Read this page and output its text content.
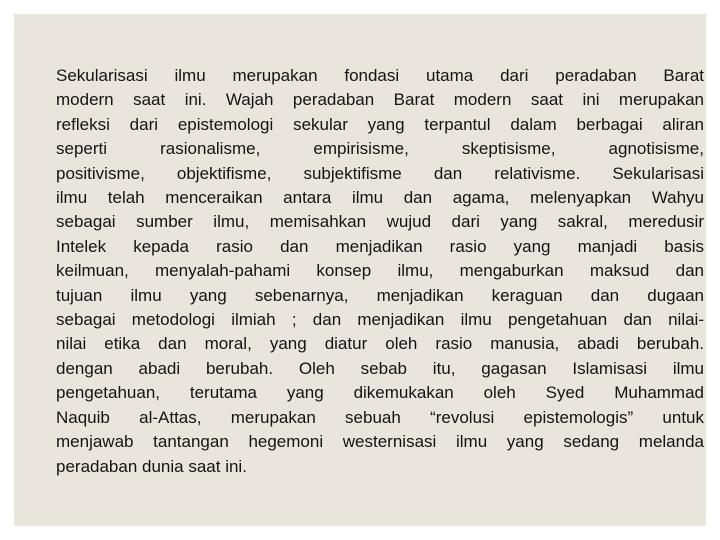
Sekularisasi ilmu merupakan fondasi utama dari peradaban Barat
modern saat ini. Wajah peradaban Barat modern saat ini merupakan
refleksi dari epistemologi sekular yang terpantul dalam berbagai aliran
seperti rasionalisme, empirisisme, skeptisisme, agnotisisme,
positivisme, objektifisme, subjektifisme dan relativisme. Sekularisasi
ilmu telah menceraikan antara ilmu dan agama, melenyapkan Wahyu
sebagai sumber ilmu, memisahkan wujud dari yang sakral, meredusir
Intelek kepada rasio dan menjadikan rasio yang manjadi basis
keilmuan, menyalah-pahami konsep ilmu, mengaburkan maksud dan
tujuan ilmu yang sebenarnya, menjadikan keraguan dan dugaan
sebagai metodologi ilmiah ; dan menjadikan ilmu pengetahuan dan nilai-
nilai etika dan moral, yang diatur oleh rasio manusia, abadi berubah.
dengan abadi berubah. Oleh sebab itu, gagasan Islamisasi ilmu
pengetahuan, terutama yang dikemukakan oleh Syed Muhammad
Naquib al-Attas, merupakan sebuah “revolusi epistemologis” untuk
menjawab tantangan hegemoni westernisasi ilmu yang sedang melanda
peradaban dunia saat ini.
